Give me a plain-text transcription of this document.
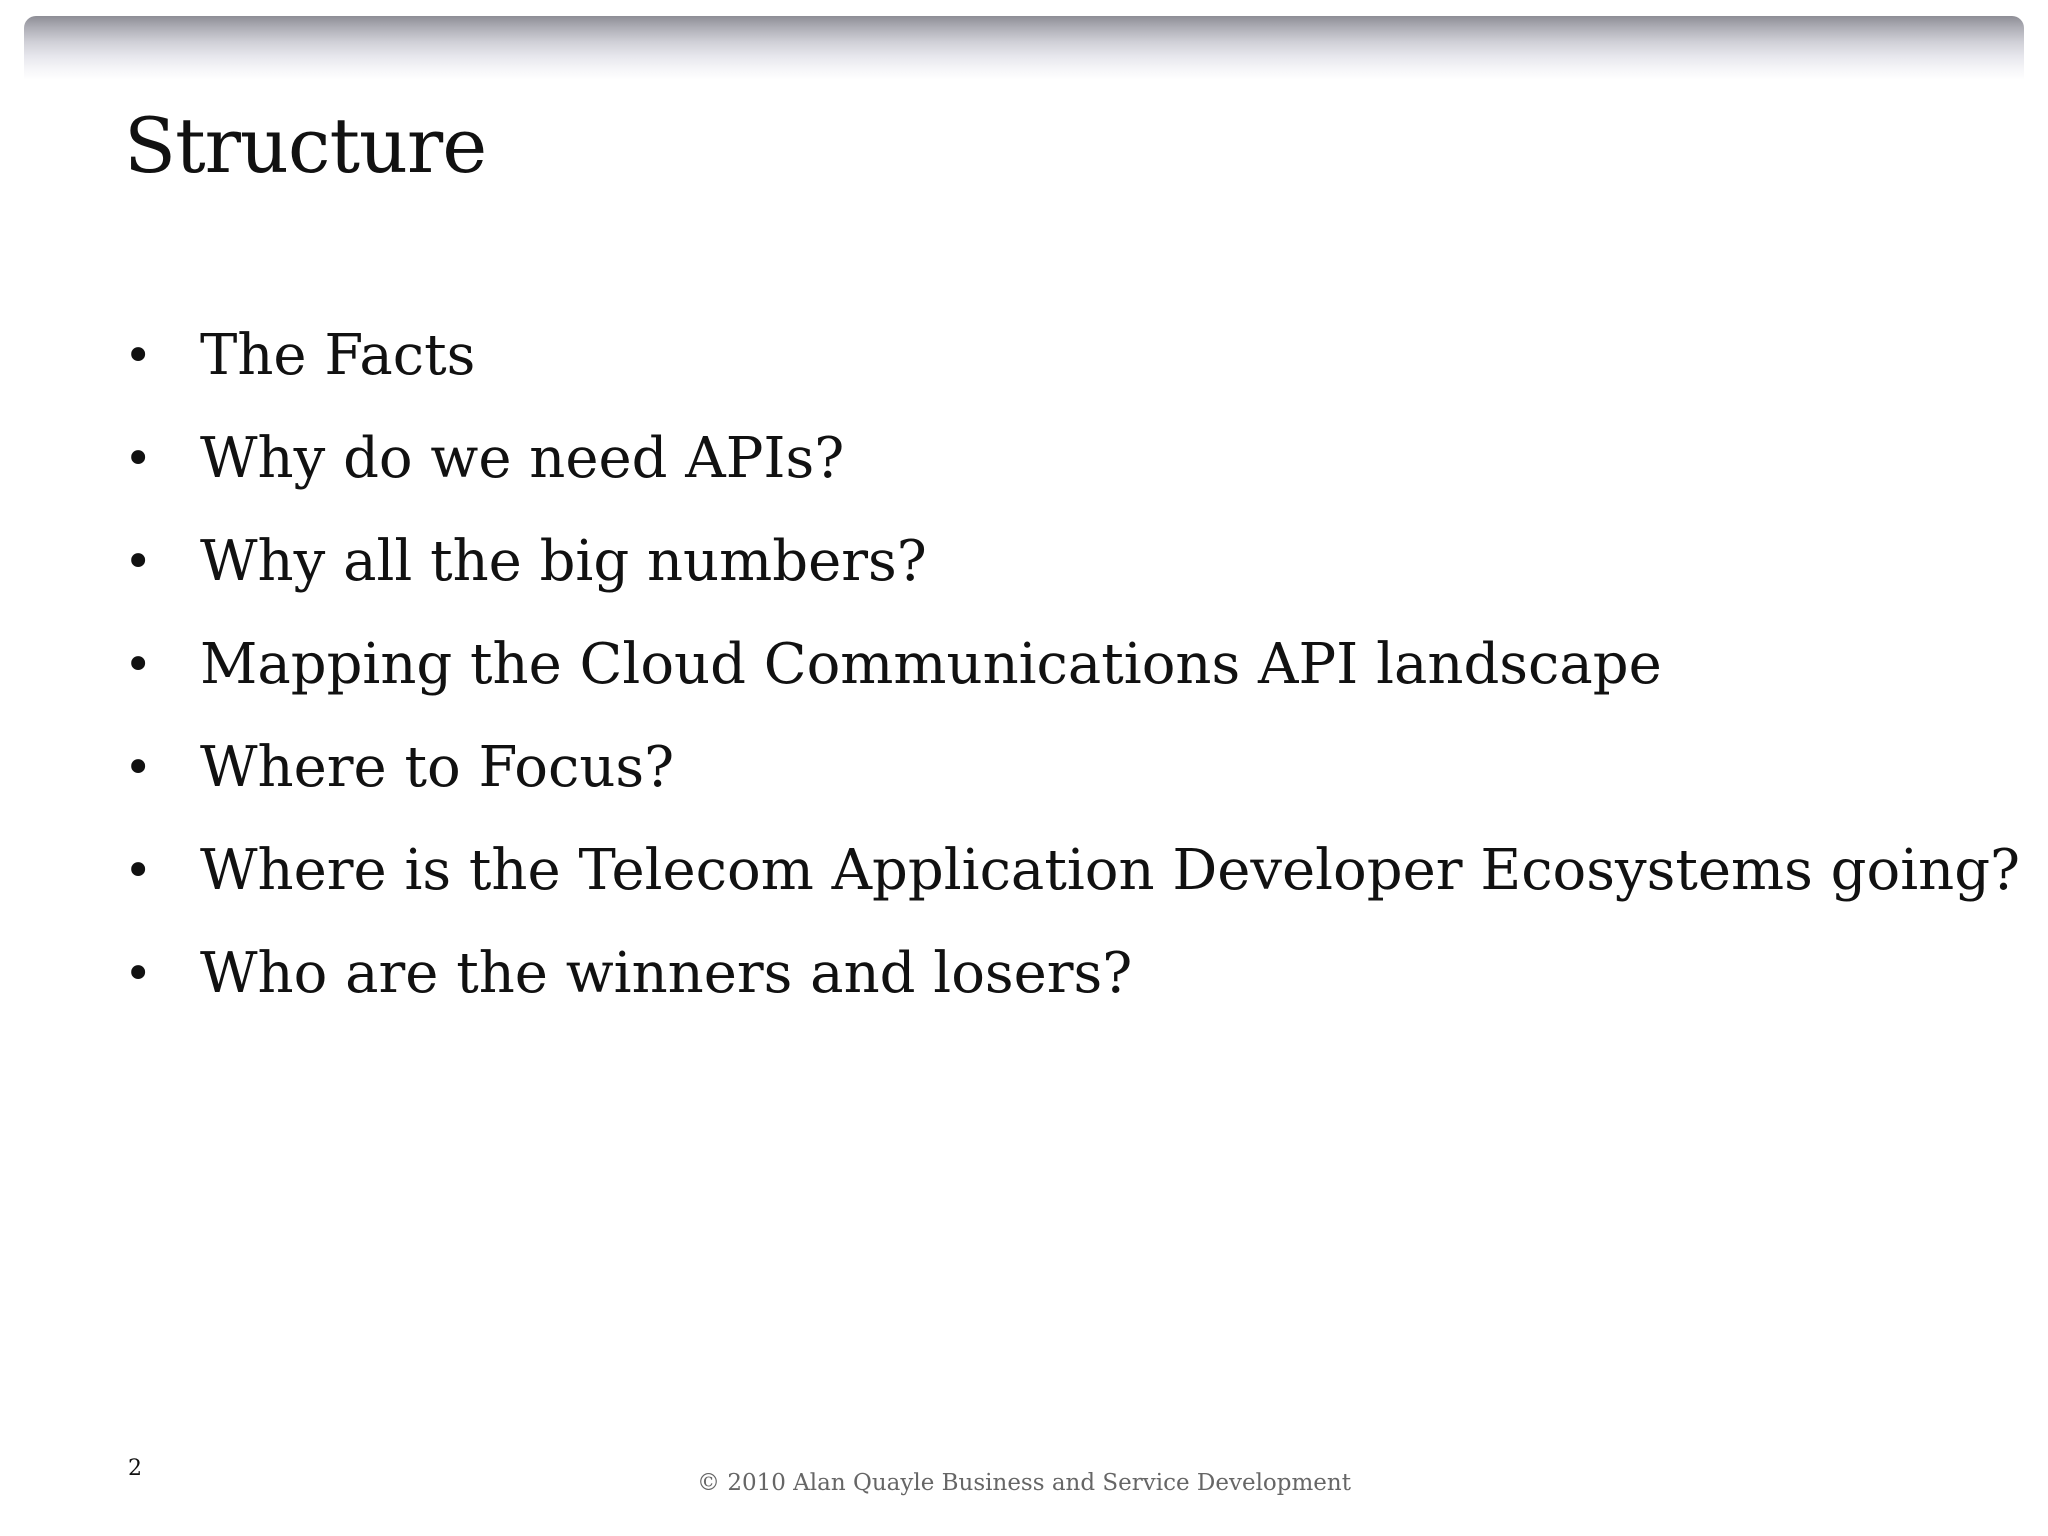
Structure
• The Facts
• Why do we need APIs?
• Why all the big numbers?
• Mapping the Cloud Communications API landscape
• Where to Focus?
• Where is the Telecom Application Developer Ecosystems going?
• Who are the winners and losers?
2
© 2010 Alan Quayle Business and Service Development
